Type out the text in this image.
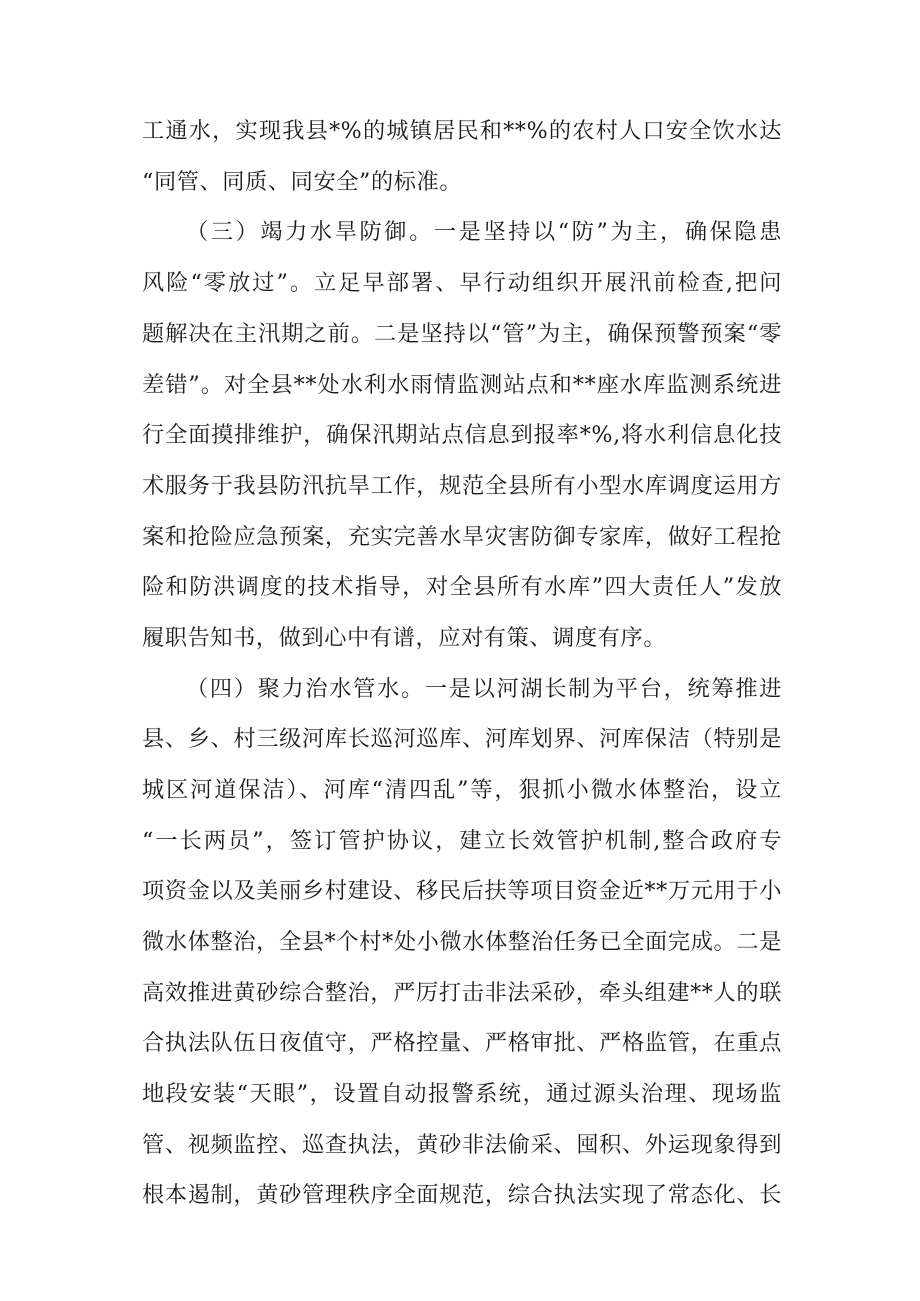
工通水，实现我县*%的城镇居民和**%的农村人口安全饮水达
“同管、同质、同安全”的标准。
（三）竭力水旱防御。一是坚持以“防”为主，确保隐患
风险“零放过”。立足早部署、早行动组织开展汛前检查,把问
题解决在主汛期之前。二是坚持以“管”为主，确保预警预案“零
差错”。对全县**处水利水雨情监测站点和**座水库监测系统进
行全面摸排维护，确保汛期站点信息到报率*%,将水利信息化技
术服务于我县防汛抗旱工作，规范全县所有小型水库调度运用方
案和抢险应急预案，充实完善水旱灾害防御专家库，做好工程抢
险和防洪调度的技术指导，对全县所有水库”四大责任人”发放
履职告知书，做到心中有谱，应对有策、调度有序。
（四）聚力治水管水。一是以河湖长制为平台，统筹推进
县、乡、村三级河库长巡河巡库、河库划界、河库保洁（特别是
城区河道保洁）、河库“清四乱”等，狠抓小微水体整治，设立
“一长两员”，签订管护协议，建立长效管护机制,整合政府专
项资金以及美丽乡村建设、移民后扶等项目资金近**万元用于小
微水体整治，全县*个村*处小微水体整治任务已全面完成。二是
高效推进黄砂综合整治，严厉打击非法采砂，牵头组建**人的联
合执法队伍日夜值守，严格控量、严格审批、严格监管，在重点
地段安装“天眼”，设置自动报警系统，通过源头治理、现场监
管、视频监控、巡查执法，黄砂非法偷采、囤积、外运现象得到
根本遏制，黄砂管理秩序全面规范，综合执法实现了常态化、长
